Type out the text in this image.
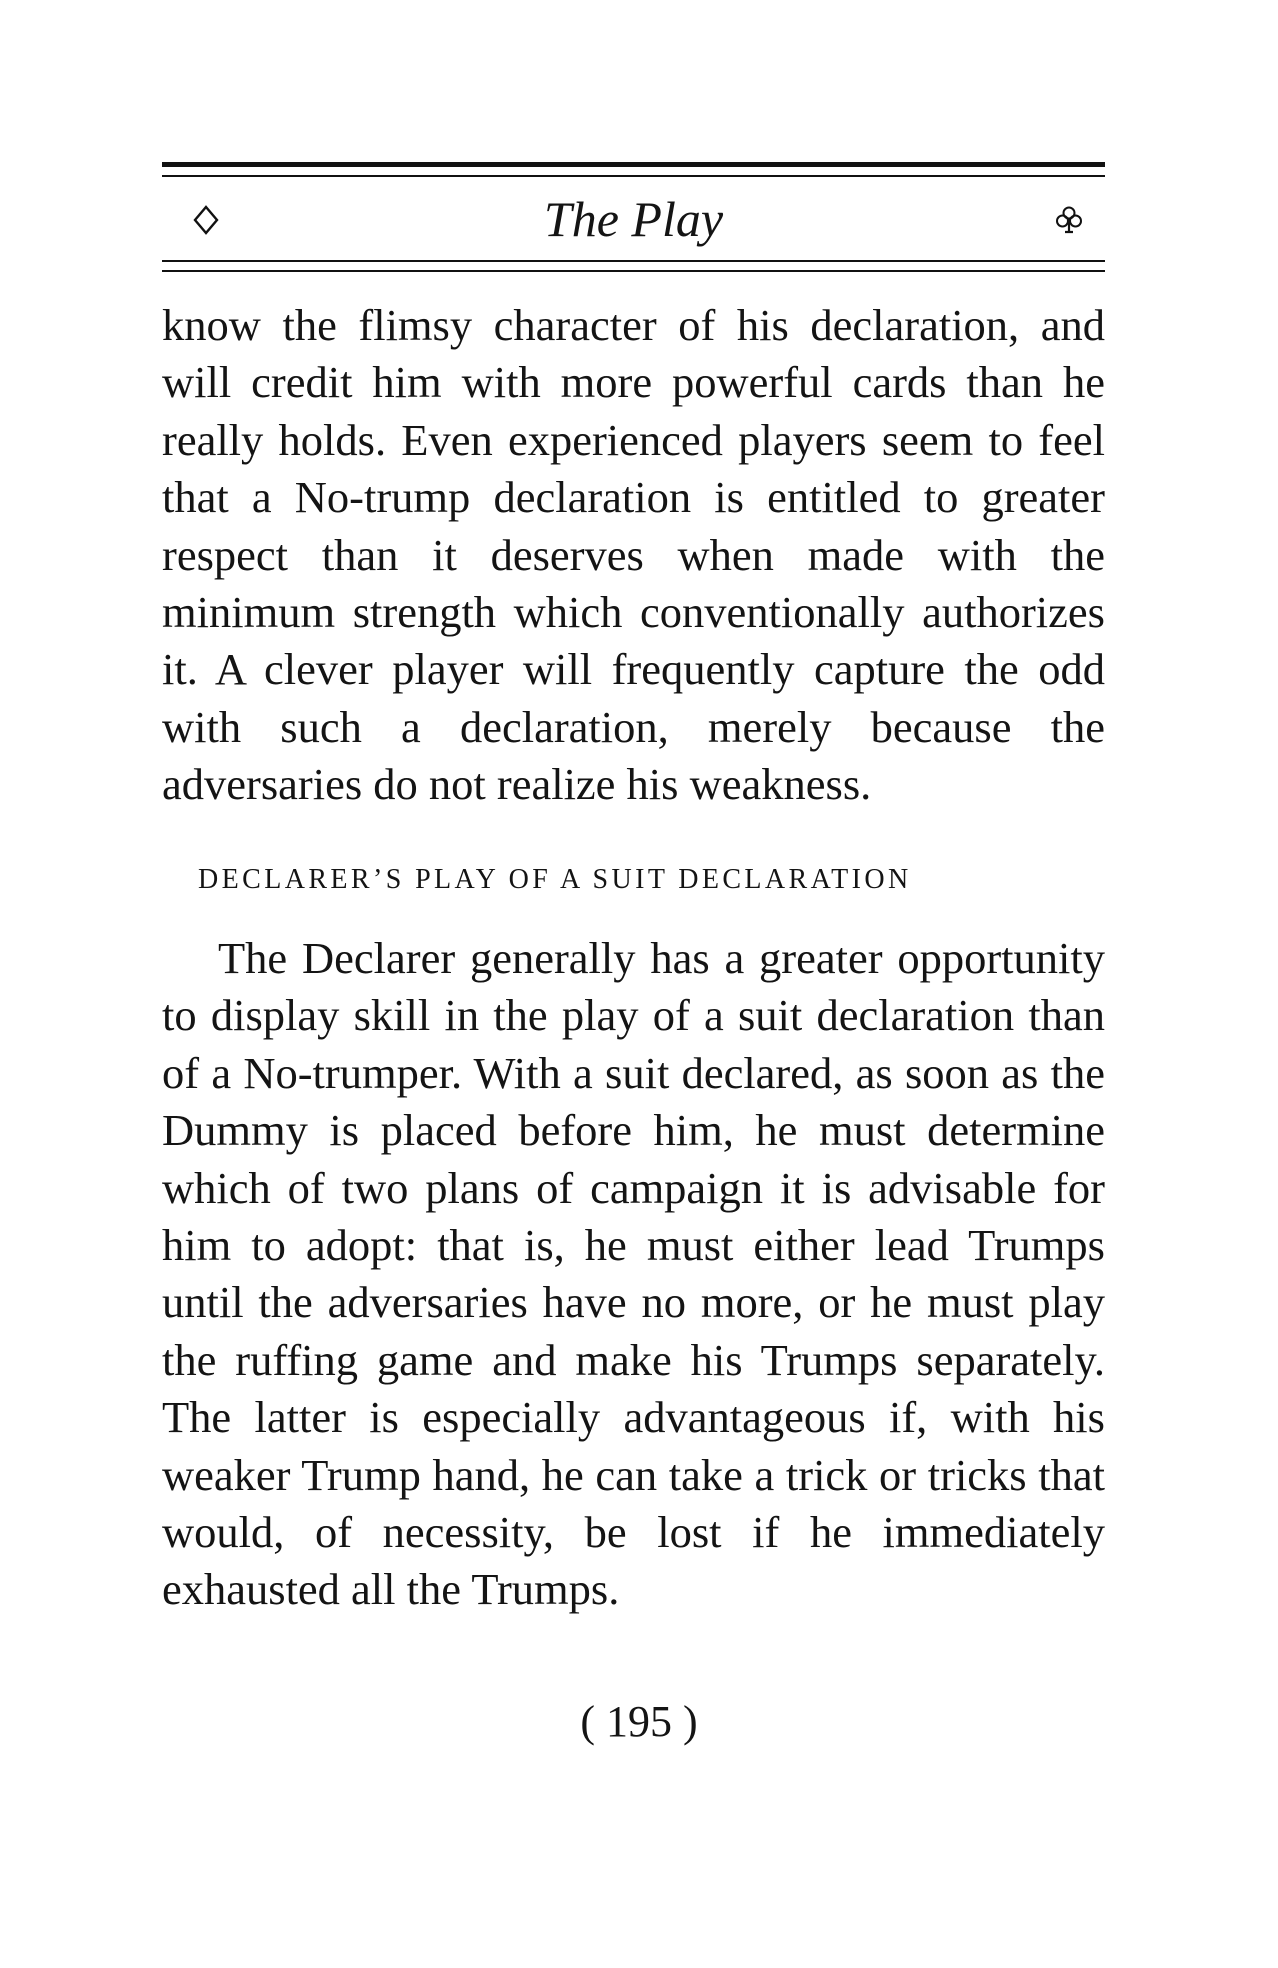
The Play
know the flimsy character of his declaration, and will credit him with more powerful cards than he really holds. Even experienced players seem to feel that a No-trump declaration is entitled to greater respect than it deserves when made with the minimum strength which conventionally authorizes it. A clever player will frequently capture the odd with such a declaration, merely because the adversaries do not realize his weakness.
DECLARER’S PLAY OF A SUIT DECLARATION
The Declarer generally has a greater opportunity to display skill in the play of a suit declaration than of a No-trumper. With a suit declared, as soon as the Dummy is placed before him, he must determine which of two plans of campaign it is advisable for him to adopt: that is, he must either lead Trumps until the adversaries have no more, or he must play the ruffing game and make his Trumps separately. The latter is especially advantageous if, with his weaker Trump hand, he can take a trick or tricks that would, of necessity, be lost if he immediately exhausted all the Trumps.
( 195 )
